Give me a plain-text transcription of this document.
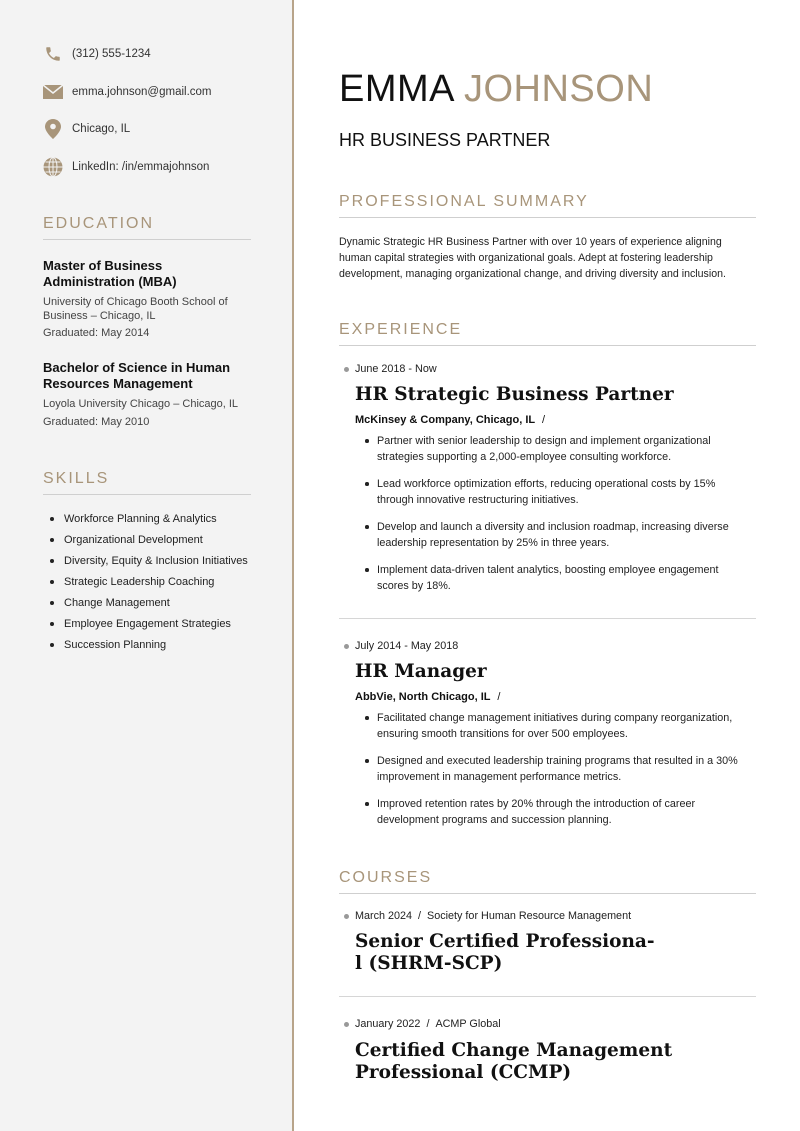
(312) 555-1234
emma.johnson@gmail.com
Chicago, IL
LinkedIn: /in/emmajohnson
EDUCATION
Master of Business
Administration (MBA)
University of Chicago Booth School of
Business – Chicago, IL
Graduated: May 2014
Bachelor of Science in Human
Resources Management
Loyola University Chicago – Chicago, IL
Graduated: May 2010
SKILLS
Workforce Planning & Analytics
Organizational Development
Diversity, Equity & Inclusion Initiatives
Strategic Leadership Coaching
Change Management
Employee Engagement Strategies
Succession Planning
EMMA JOHNSON
HR BUSINESS PARTNER
PROFESSIONAL SUMMARY
Dynamic Strategic HR Business Partner with over 10 years of experience aligning
human capital strategies with organizational goals. Adept at fostering leadership
development, managing organizational change, and driving diversity and inclusion.
EXPERIENCE
June 2018 - Now
HR Strategic Business Partner
McKinsey & Company, Chicago, IL /
Partner with senior leadership to design and implement organizational
strategies supporting a 2,000-employee consulting workforce.
Lead workforce optimization efforts, reducing operational costs by 15%
through innovative restructuring initiatives.
Develop and launch a diversity and inclusion roadmap, increasing diverse
leadership representation by 25% in three years.
Implement data-driven talent analytics, boosting employee engagement
scores by 18%.
July 2014 - May 2018
HR Manager
AbbVie, North Chicago, IL /
Facilitated change management initiatives during company reorganization,
ensuring smooth transitions for over 500 employees.
Designed and executed leadership training programs that resulted in a 30%
improvement in management performance metrics.
Improved retention rates by 20% through the introduction of career
development programs and succession planning.
COURSES
March 2024 / Society for Human Resource Management
Senior Certified Professiona-
l (SHRM-SCP)
January 2022 / ACMP Global
Certified Change Management
Professional (CCMP)
